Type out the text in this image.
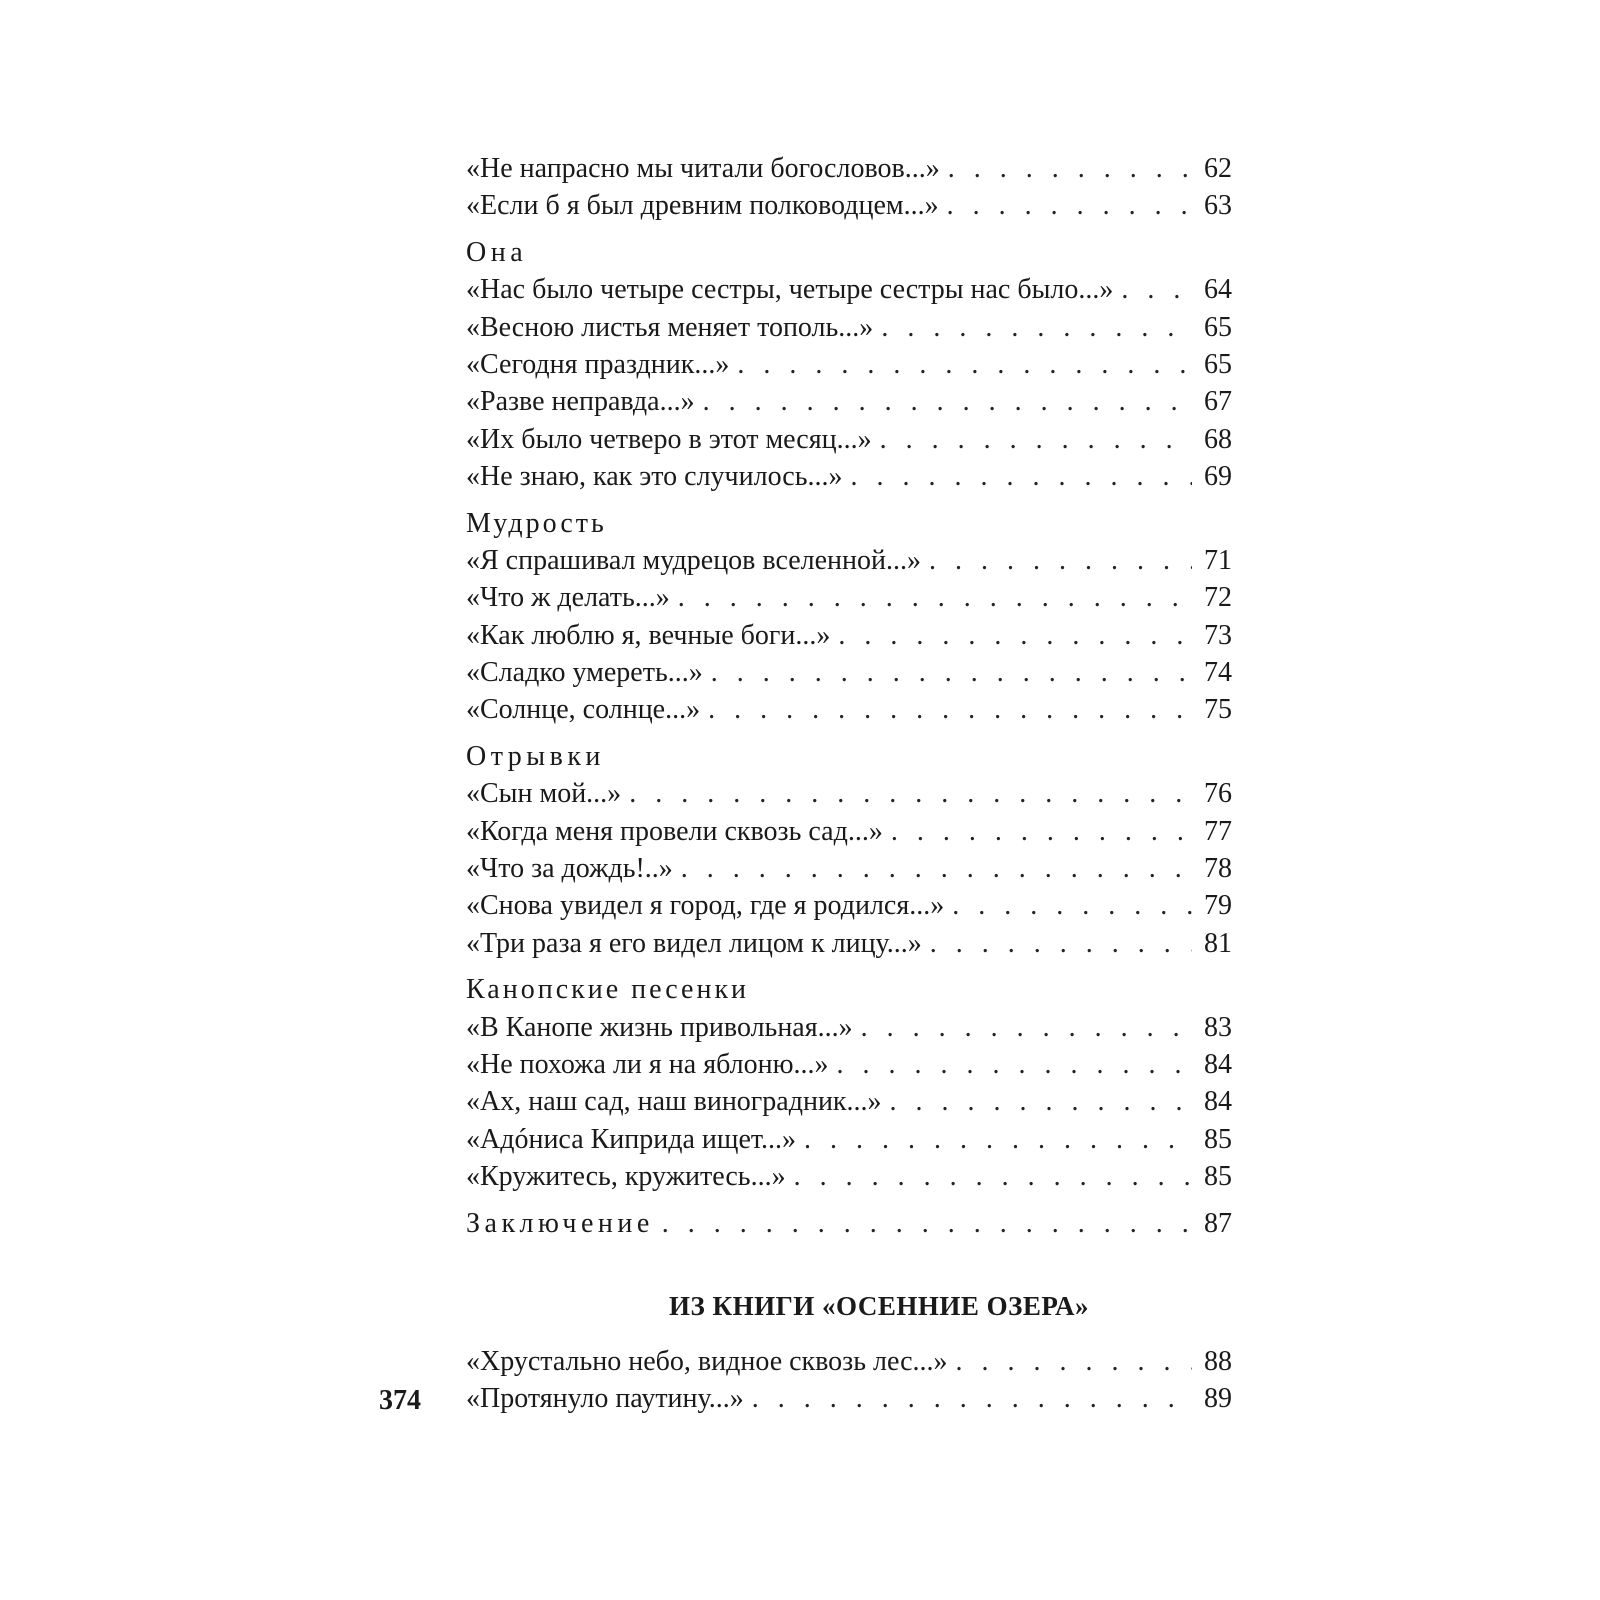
«Не напрасно мы читали богословов...» . . .	62
«Если б я был древним полководцем...» . . .	63
Она
«Нас было четыре сестры, четыре сестры нас было...» . . .	64
«Весною листья меняет тополь...» . . .	65
«Сегодня праздник...» . . .	65
«Разве неправда...» . . .	67
«Их было четверо в этот месяц...» . . .	68
«Не знаю, как это случилось...» . . .	69
Мудрость
«Я спрашивал мудрецов вселенной...» . . .	71
«Что ж делать...» . . .	72
«Как люблю я, вечные боги...» . . .	73
«Сладко умереть...» . . .	74
«Солнце, солнце...» . . .	75
Отрывки
«Сын мой...» . . .	76
«Когда меня провели сквозь сад...» . . .	77
«Что за дождь!..» . . .	78
«Снова увидел я город, где я родился...» . . .	79
«Три раза я его видел лицом к лицу...» . . .	81
Канопские песенки
«В Канопе жизнь привольная...» . . .	83
«Не похожа ли я на яблоню...» . . .	84
«Ах, наш сад, наш виноградник...» . . .	84
«Адóниса Киприда ищет...» . . .	85
«Кружитесь, кружитесь...» . . .	85
Заключение . . .	87
ИЗ КНИГИ «ОСЕННИЕ ОЗЕРА»
«Хрустально небо, видное сквозь лес...» . . .	88
«Протянуло паутину...» . . .	89
374
